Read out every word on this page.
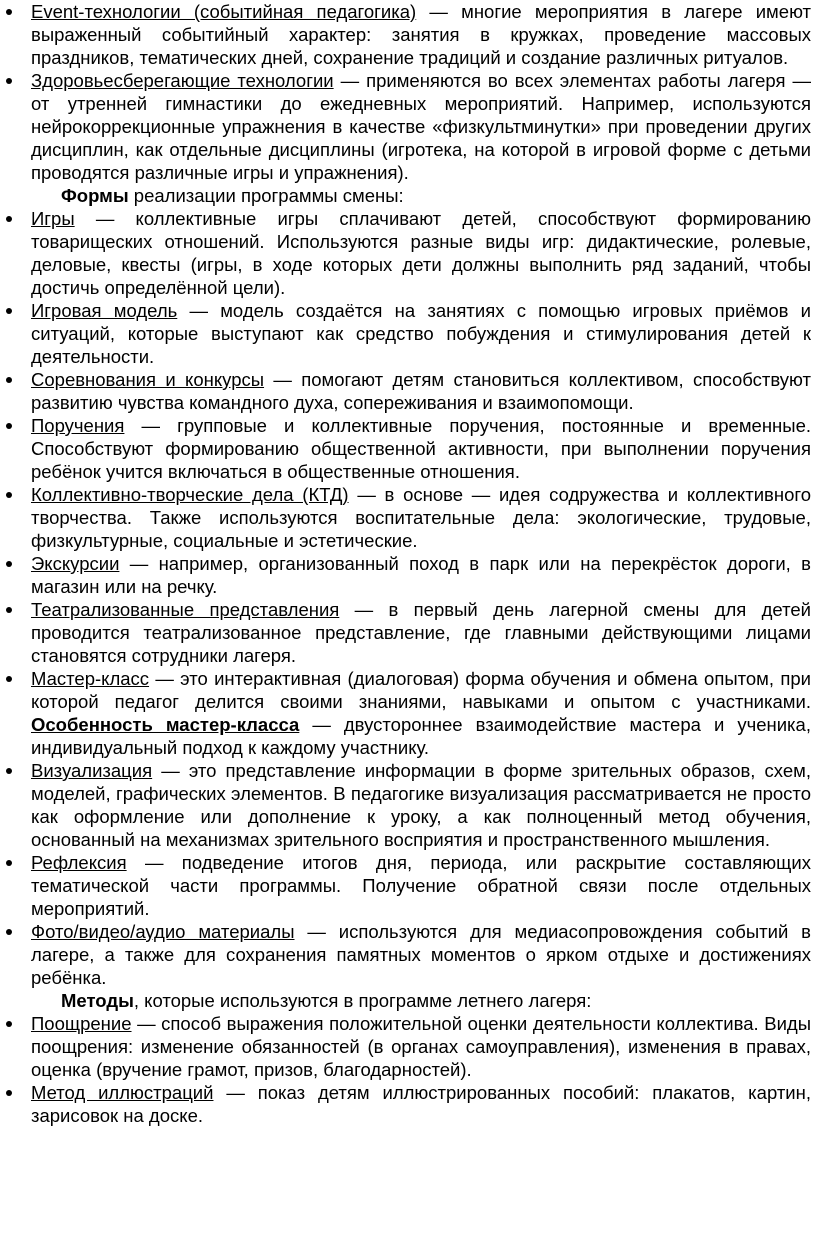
Event-технологии (событийная педагогика) — многие мероприятия в лагере имеют выраженный событийный характер: занятия в кружках, проведение массовых праздников, тематических дней, сохранение традиций и создание различных ритуалов.
Здоровьесберегающие технологии — применяются во всех элементах работы лагеря — от утренней гимнастики до ежедневных мероприятий. Например, используются нейрокоррекционные упражнения в качестве «физкультминутки» при проведении других дисциплин, как отдельные дисциплины (игротека, на которой в игровой форме с детьми проводятся различные игры и упражнения).

Формы реализации программы смены:

Игры — коллективные игры сплачивают детей, способствуют формированию товарищеских отношений. Используются разные виды игр: дидактические, ролевые, деловые, квесты (игры, в ходе которых дети должны выполнить ряд заданий, чтобы достичь определённой цели).
Игровая модель — модель создаётся на занятиях с помощью игровых приёмов и ситуаций, которые выступают как средство побуждения и стимулирования детей к деятельности.
Соревнования и конкурсы — помогают детям становиться коллективом, способствуют развитию чувства командного духа, сопереживания и взаимопомощи.
Поручения — групповые и коллективные поручения, постоянные и временные. Способствуют формированию общественной активности, при выполнении поручения ребёнок учится включаться в общественные отношения.
Коллективно-творческие дела (КТД) — в основе — идея содружества и коллективного творчества. Также используются воспитательные дела: экологические, трудовые, физкультурные, социальные и эстетические.
Экскурсии — например, организованный поход в парк или на перекрёсток дороги, в магазин или на речку.
Театрализованные представления — в первый день лагерной смены для детей проводится театрализованное представление, где главными действующими лицами становятся сотрудники лагеря.
Мастер-класс — это интерактивная (диалоговая) форма обучения и обмена опытом, при которой педагог делится своими знаниями, навыками и опытом с участниками. Особенность мастер-класса — двустороннее взаимодействие мастера и ученика, индивидуальный подход к каждому участнику.
Визуализация — это представление информации в форме зрительных образов, схем, моделей, графических элементов. В педагогике визуализация рассматривается не просто как оформление или дополнение к уроку, а как полноценный метод обучения, основанный на механизмах зрительного восприятия и пространственного мышления.
Рефлексия — подведение итогов дня, периода, или раскрытие составляющих тематической части программы. Получение обратной связи после отдельных мероприятий.
Фото/видео/аудио материалы — используются для медиасопровождения событий в лагере, а также для сохранения памятных моментов о ярком отдыхе и достижениях ребёнка.

Методы, которые используются в программе летнего лагеря:

Поощрение — способ выражения положительной оценки деятельности коллектива. Виды поощрения: изменение обязанностей (в органах самоуправления), изменения в правах, оценка (вручение грамот, призов, благодарностей).
Метод иллюстраций — показ детям иллюстрированных пособий: плакатов, картин, зарисовок на доске.
